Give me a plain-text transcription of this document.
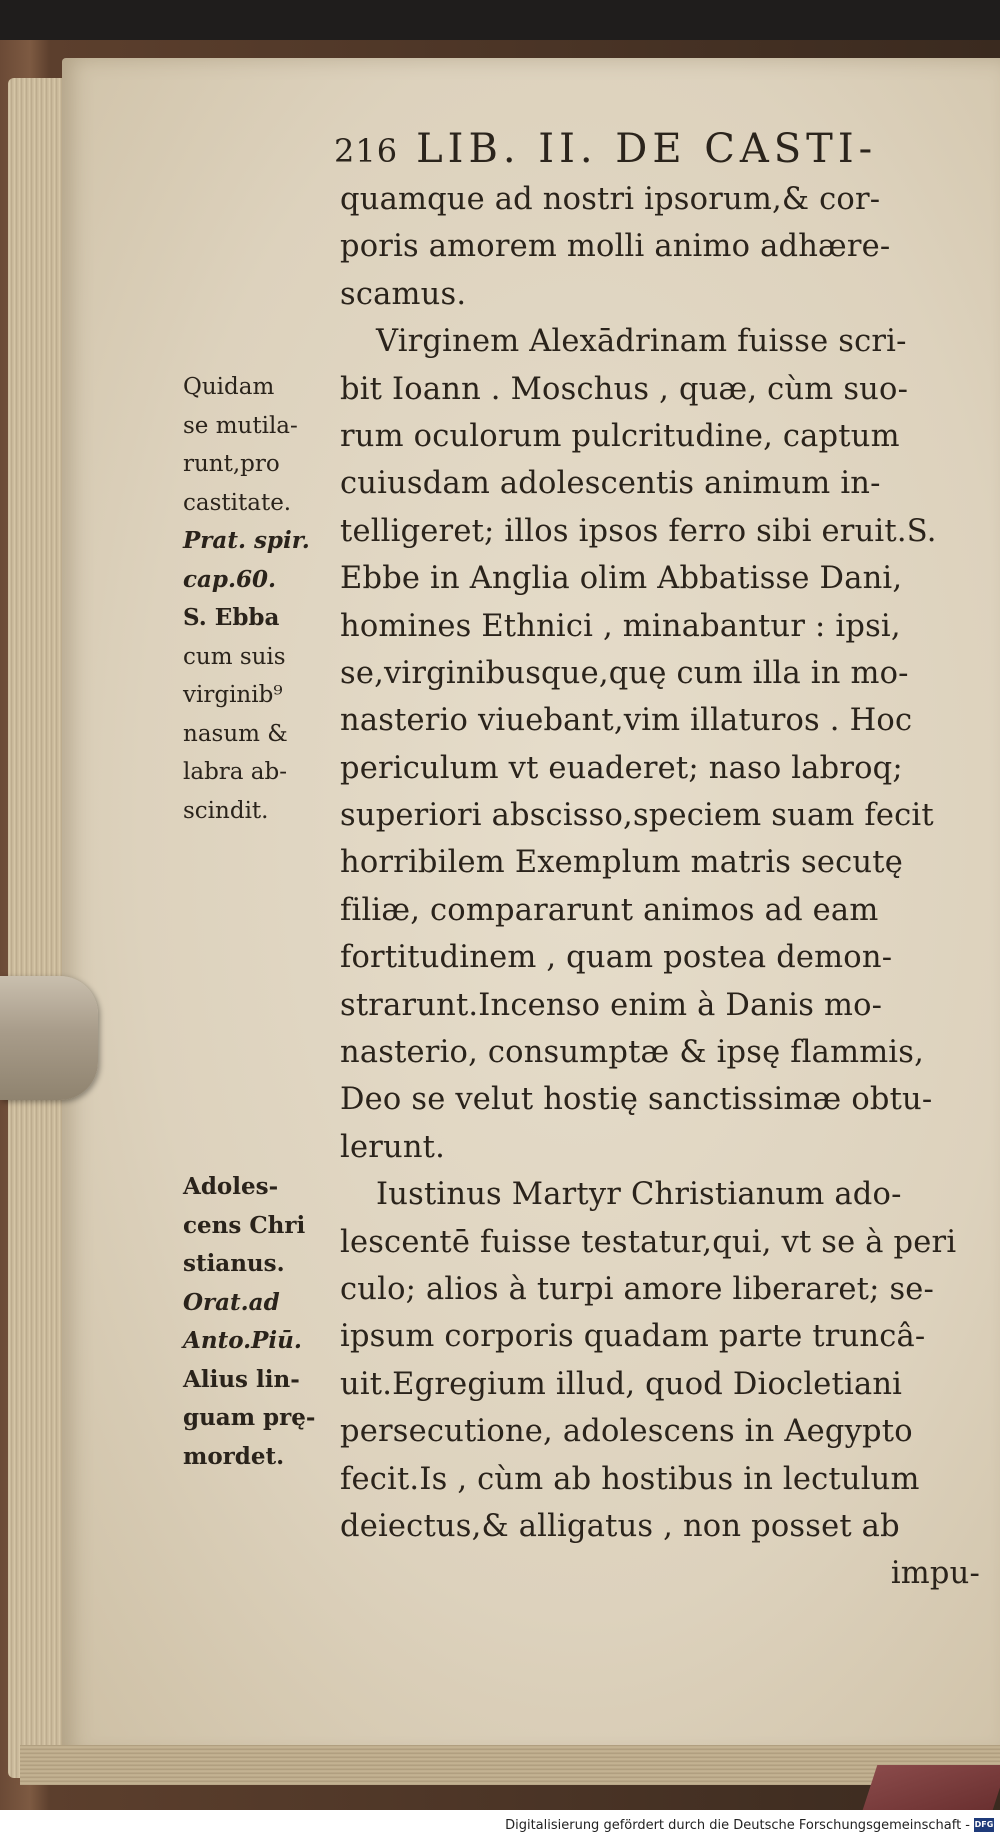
216 LIB. II. DE CASTI-
quamque ad nostri ipsorum,& cor-
poris amorem molli animo adhære-
scamus.
Virginem Alexādrinam fuisse scri-
bit Ioann . Moschus , quæ, cùm suo-
rum oculorum pulcritudine, captum
cuiusdam adolescentis animum in-
telligeret; illos ipsos ferro sibi eruit.S.
Ebbe in Anglia olim Abbatisse Dani,
homines Ethnici , minabantur : ipsi,
se,virginibusque,quę cum illa in mo-
nasterio viuebant,vim illaturos . Hoc
periculum vt euaderet; naso labroq;
superiori abscisso,speciem suam fecit
horribilem Exemplum matris secutę
filiæ, compararunt animos ad eam
fortitudinem , quam postea demon-
strarunt.Incenso enim à Danis mo-
nasterio, consumptæ & ipsę flammis,
Deo se velut hostię sanctissimæ obtu-
lerunt.
Iustinus Martyr Christianum ado-
lescentē fuisse testatur,qui, vt se à peri
culo; alios à turpi amore liberaret; se-
ipsum corporis quadam parte truncâ-
uit.Egregium illud, quod Diocletiani
persecutione, adolescens in Aegypto
fecit.Is , cùm ab hostibus in lectulum
deiectus,& alligatus , non posset ab
impu-
Quidam
se mutila-
runt,pro
castitate.
Prat. spir.
cap.60.
S. Ebba
cum suis
virginib⁹
nasum &
labra ab-
scindit.
Adoles-
cens Chri
stianus.
Orat.ad
Anto.Piū.
Alius lin-
guam prę-
mordet.
Digitalisierung gefördert durch die Deutsche Forschungsgemeinschaft - DFG
